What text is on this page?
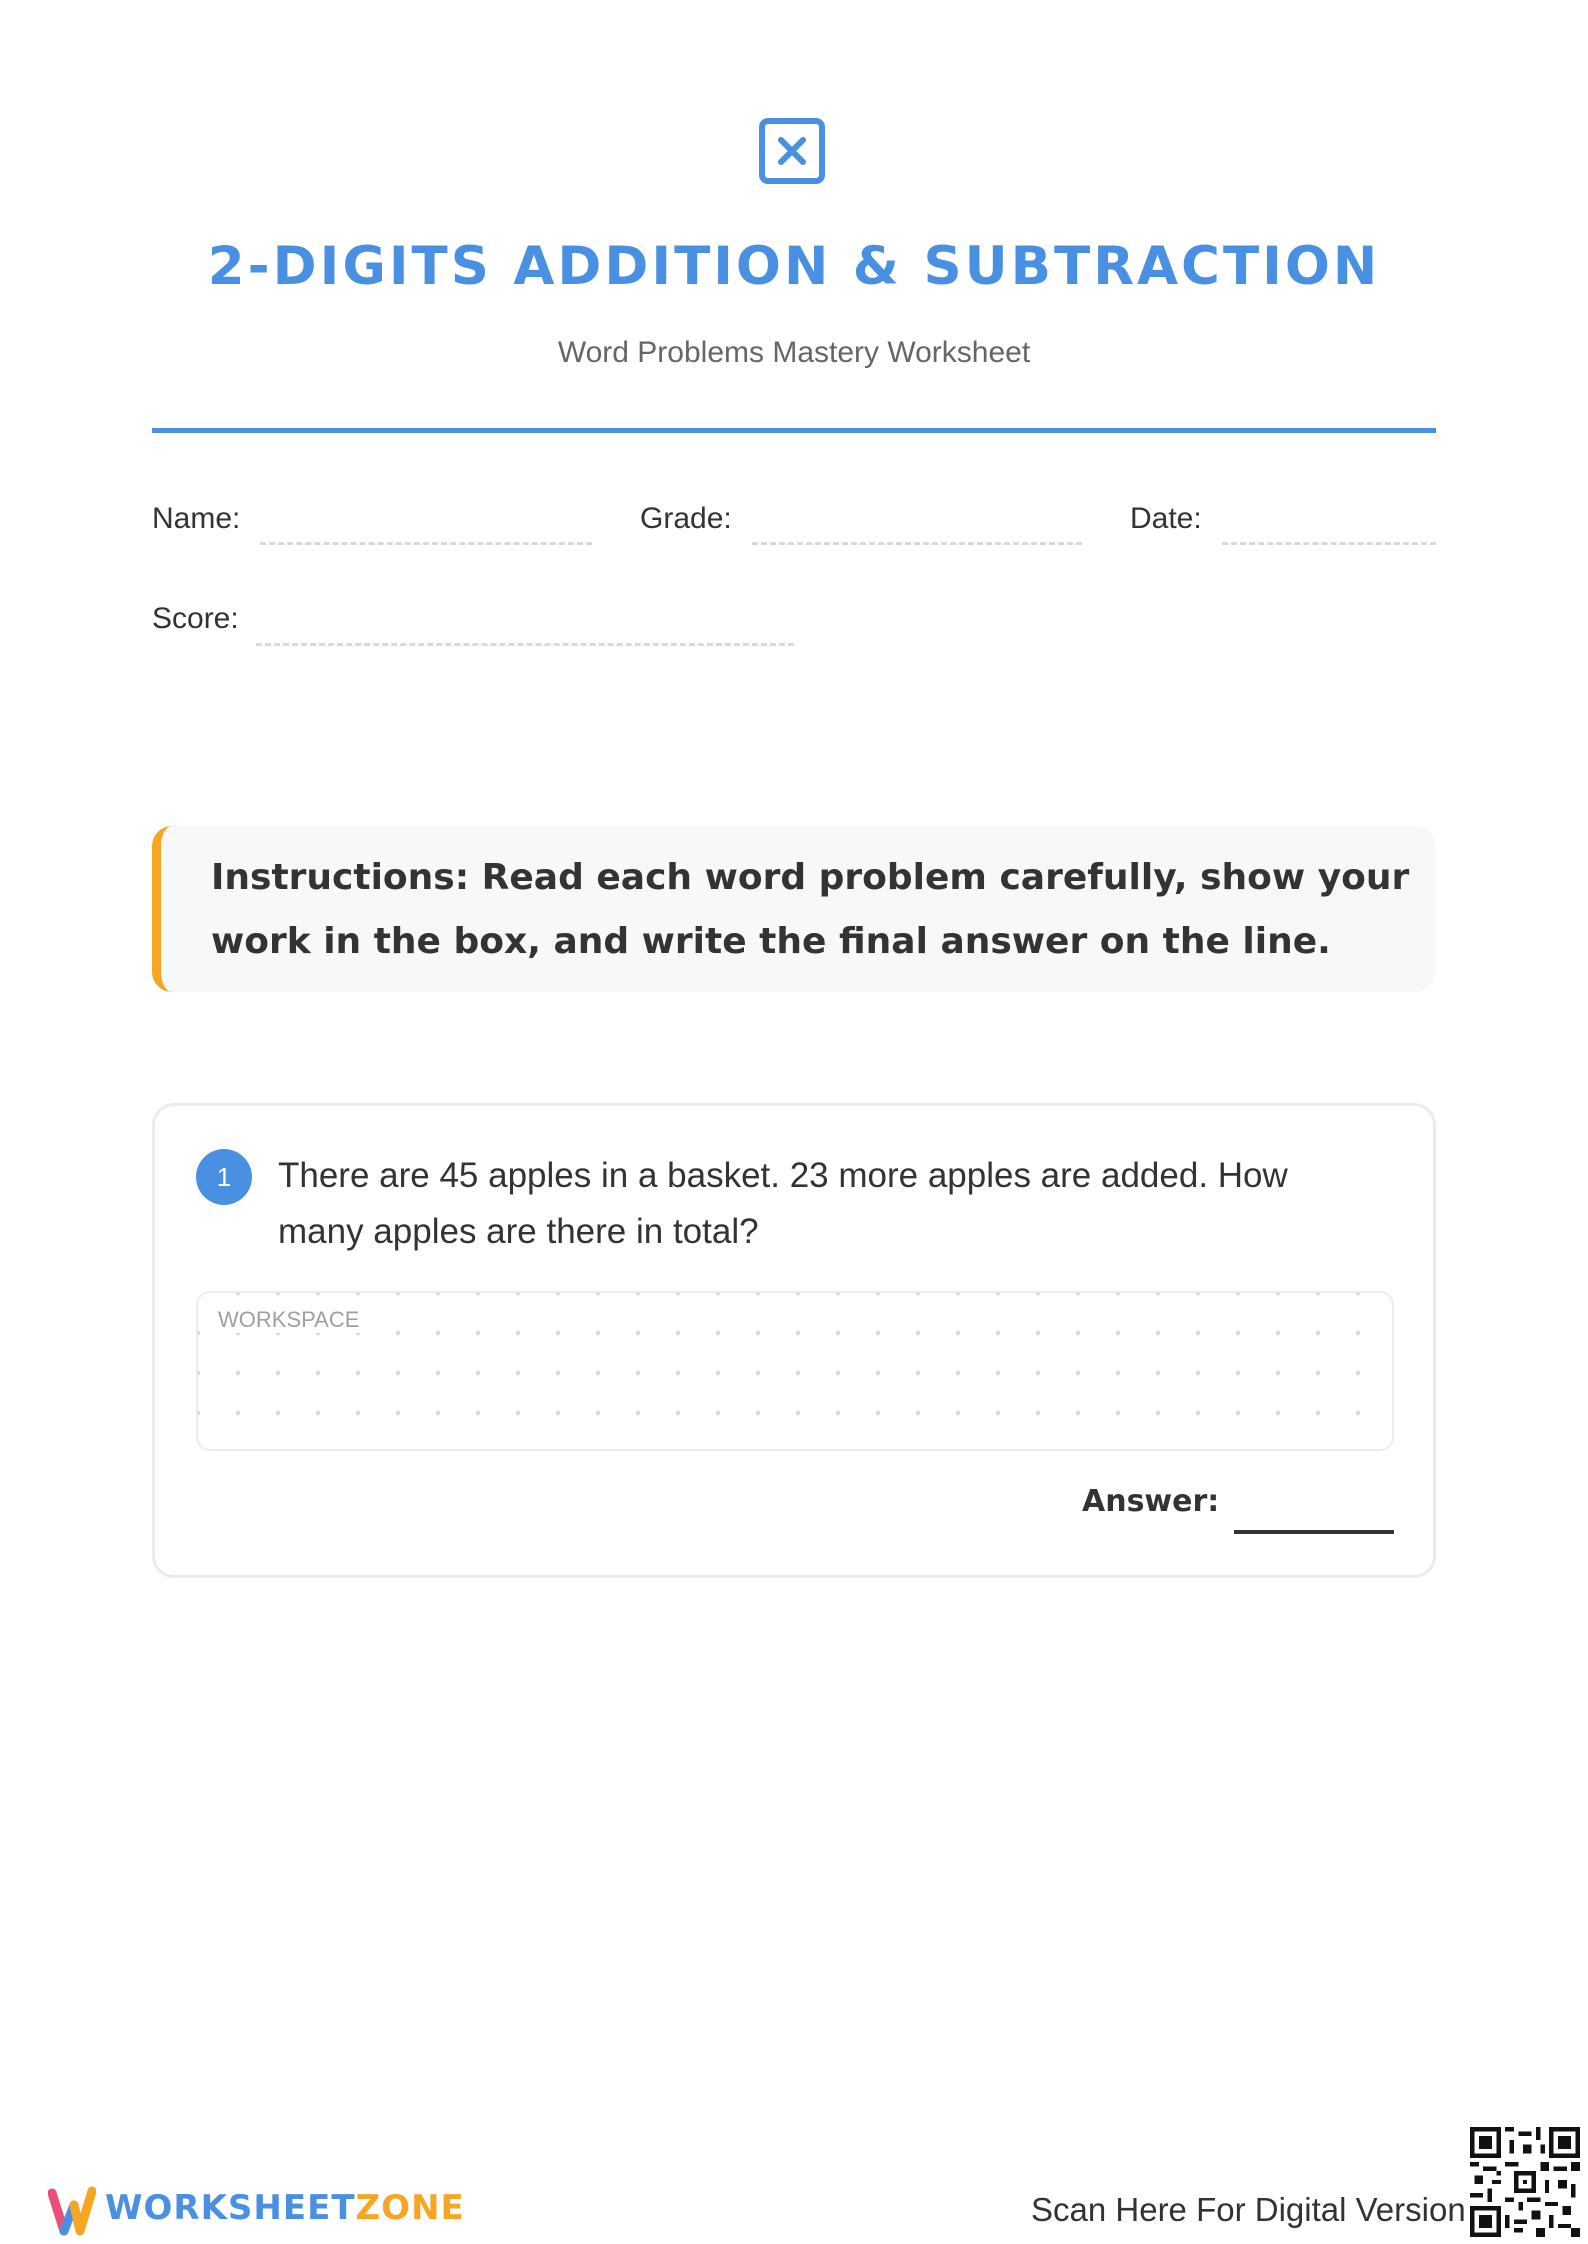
2-DIGITS ADDITION & SUBTRACTION
Word Problems Mastery Worksheet
Name:	Grade:	Date:
Score:
Instructions: Read each word problem carefully, show your work in the box, and write the final answer on the line.
1	There are 45 apples in a basket. 23 more apples are added. How many apples are there in total?
WORKSPACE
Answer:
WORKSHEETZONE	Scan Here For Digital Version
